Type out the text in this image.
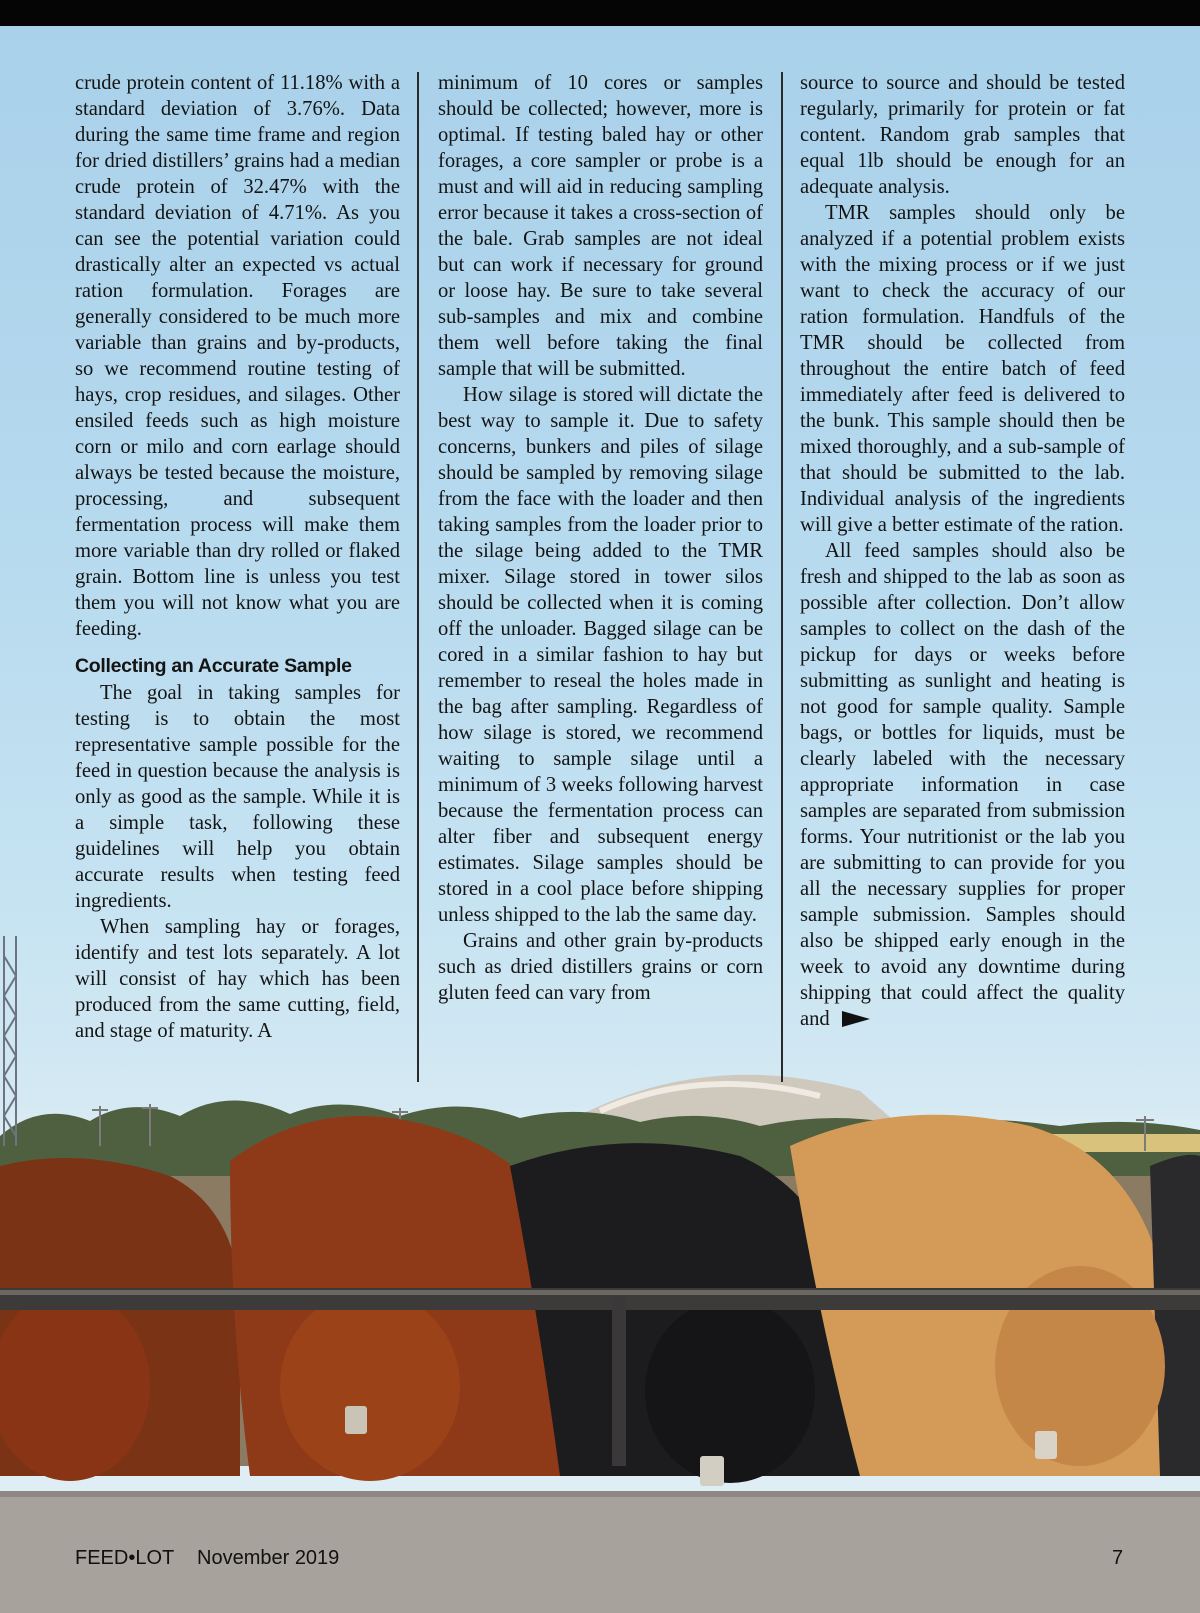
crude protein content of 11.18% with a standard deviation of 3.76%. Data during the same time frame and region for dried distillers’ grains had a median crude protein of 32.47% with the standard deviation of 4.71%. As you can see the potential variation could drastically alter an expected vs actual ration formulation. Forages are generally considered to be much more variable than grains and by-products, so we recommend routine testing of hays, crop residues, and silages. Other ensiled feeds such as high moisture corn or milo and corn earlage should always be tested because the moisture, processing, and subsequent fermentation process will make them more variable than dry rolled or flaked grain. Bottom line is unless you test them you will not know what you are feeding.

Collecting an Accurate Sample

The goal in taking samples for testing is to obtain the most representative sample possible for the feed in question because the analysis is only as good as the sample. While it is a simple task, following these guidelines will help you obtain accurate results when testing feed ingredients.

When sampling hay or forages, identify and test lots separately. A lot will consist of hay which has been produced from the same cutting, field, and stage of maturity. A

minimum of 10 cores or samples should be collected; however, more is optimal. If testing baled hay or other forages, a core sampler or probe is a must and will aid in reducing sampling error because it takes a cross-section of the bale. Grab samples are not ideal but can work if necessary for ground or loose hay. Be sure to take several sub-samples and mix and combine them well before taking the final sample that will be submitted.

How silage is stored will dictate the best way to sample it. Due to safety concerns, bunkers and piles of silage should be sampled by removing silage from the face with the loader and then taking samples from the loader prior to the silage being added to the TMR mixer. Silage stored in tower silos should be collected when it is coming off the unloader. Bagged silage can be cored in a similar fashion to hay but remember to reseal the holes made in the bag after sampling. Regardless of how silage is stored, we recommend waiting to sample silage until a minimum of 3 weeks following harvest because the fermentation process can alter fiber and subsequent energy estimates. Silage samples should be stored in a cool place before shipping unless shipped to the lab the same day.

Grains and other grain by-products such as dried distillers grains or corn gluten feed can vary from

source to source and should be tested regularly, primarily for protein or fat content. Random grab samples that equal 1lb should be enough for an adequate analysis.

TMR samples should only be analyzed if a potential problem exists with the mixing process or if we just want to check the accuracy of our ration formulation. Handfuls of the TMR should be collected from throughout the entire batch of feed immediately after feed is delivered to the bunk. This sample should then be mixed thoroughly, and a sub-sample of that should be submitted to the lab. Individual analysis of the ingredients will give a better estimate of the ration.

All feed samples should also be fresh and shipped to the lab as soon as possible after collection. Don’t allow samples to collect on the dash of the pickup for days or weeks before submitting as sunlight and heating is not good for sample quality. Sample bags, or bottles for liquids, must be clearly labeled with the necessary appropriate information in case samples are separated from submission forms. Your nutritionist or the lab you are submitting to can provide for you all the necessary supplies for proper sample submission. Samples should also be shipped early enough in the week to avoid any downtime during shipping that could affect the quality and

FEED•LOT November 2019	7
